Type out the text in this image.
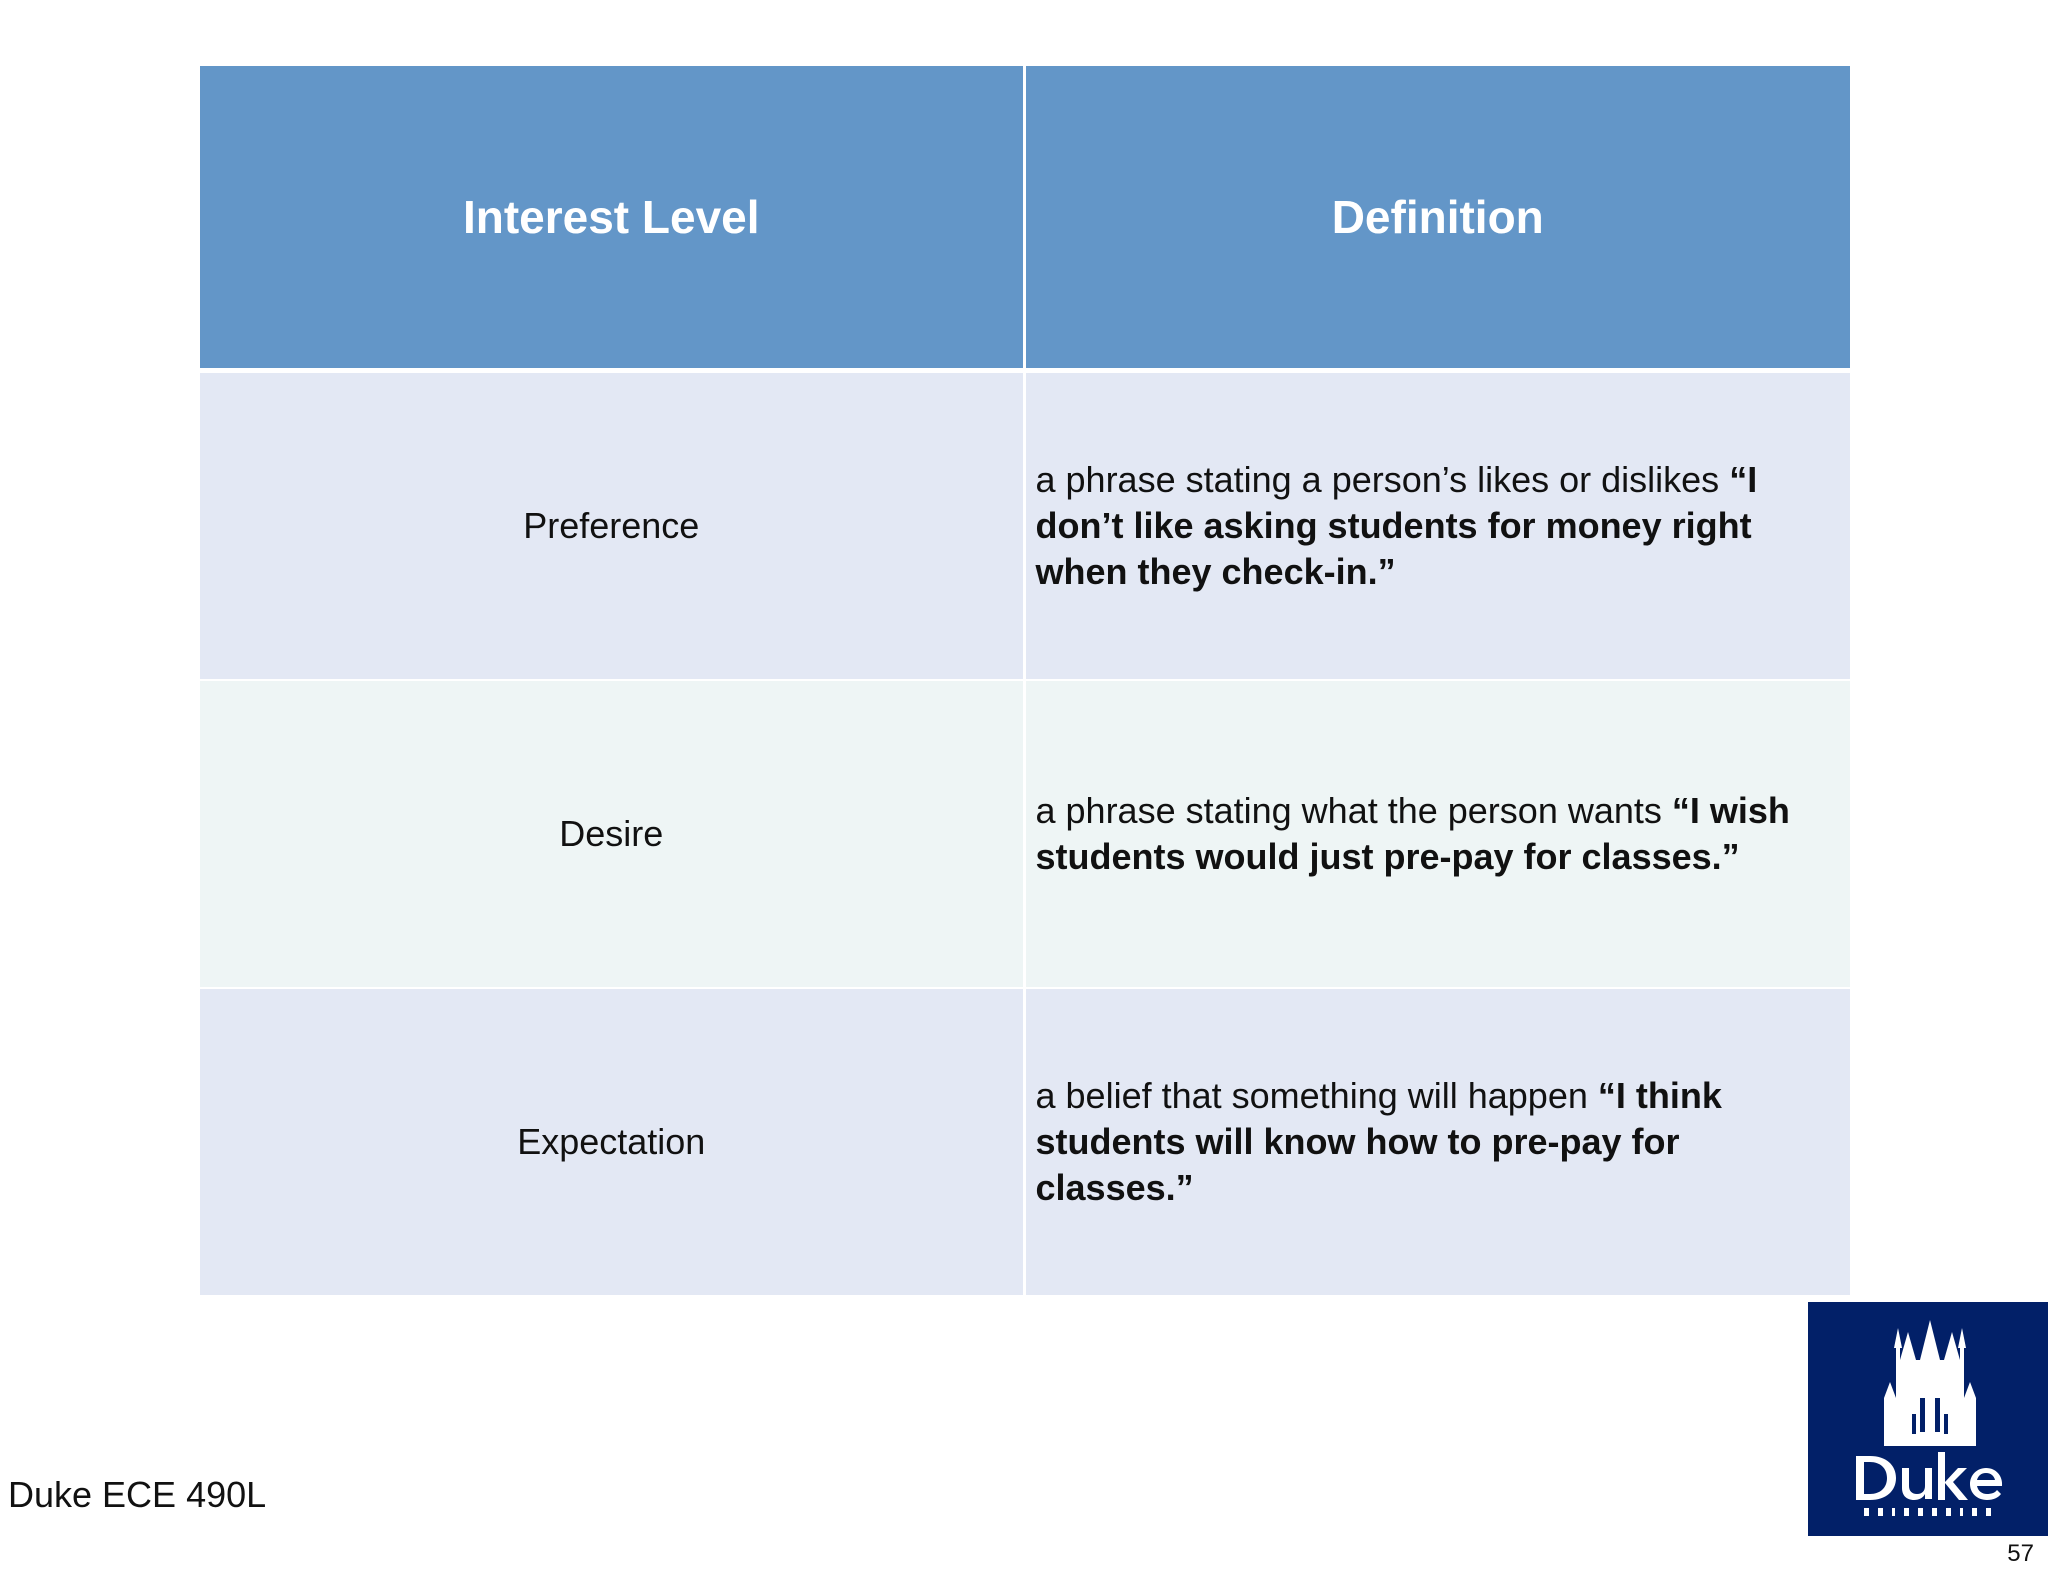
Interest Level	Definition
Preference	a phrase stating a person’s likes or dislikes “I don’t like asking students for money right when they check-in.”
Desire	a phrase stating what the person wants “I wish students would just pre-pay for classes.”
Expectation	a belief that something will happen “I think students will know how to pre-pay for classes.”
Duke ECE 490L
57
